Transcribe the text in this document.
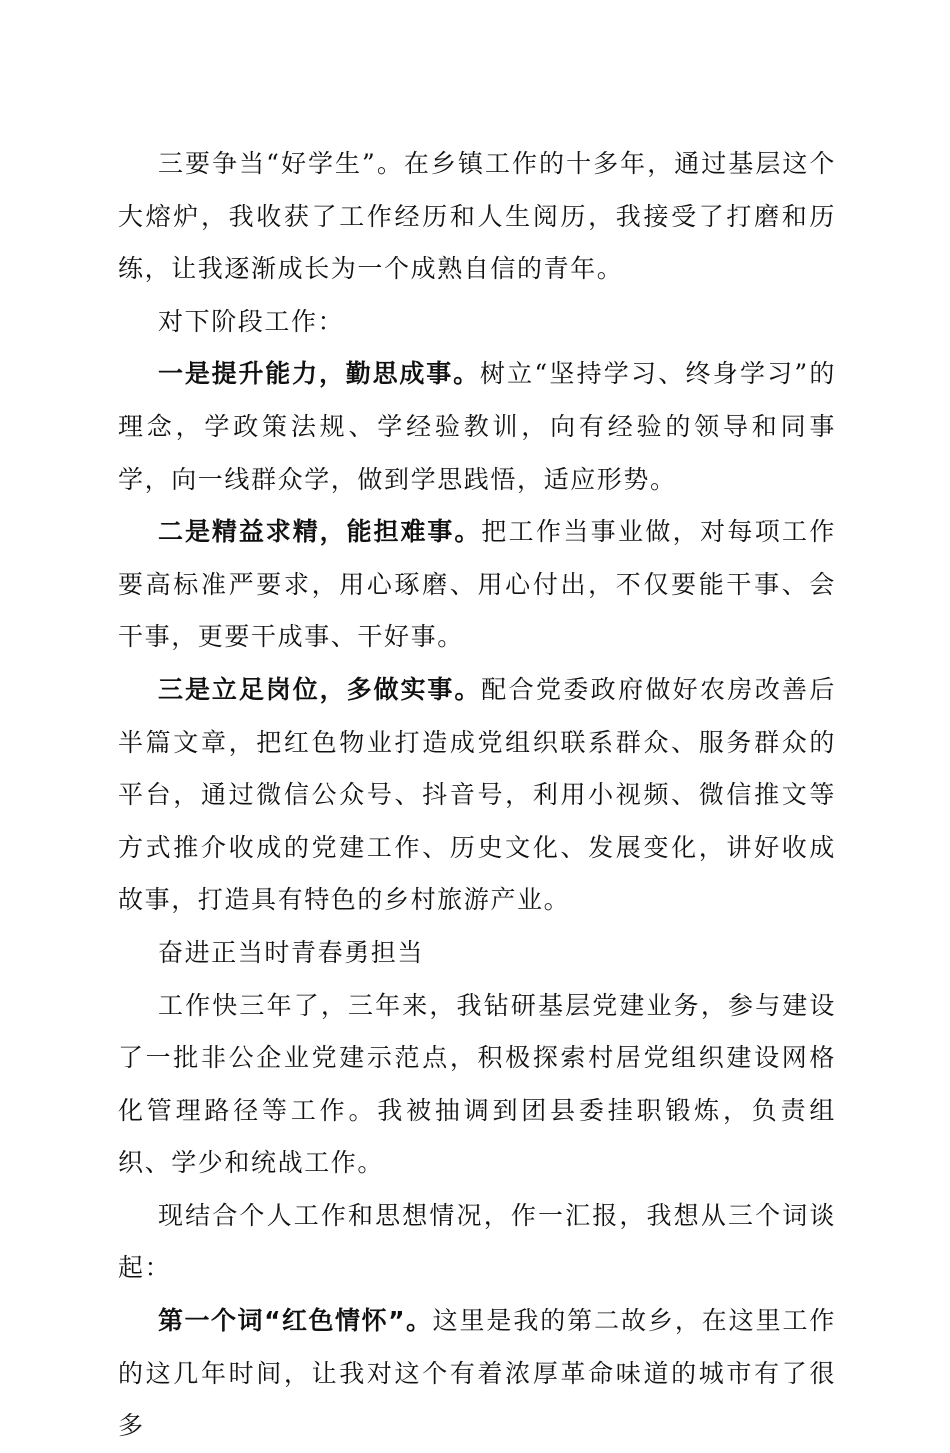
三要争当“好学生”。在乡镇工作的十多年，通过基层这个大熔炉，我收获了工作经历和人生阅历，我接受了打磨和历练，让我逐渐成长为一个成熟自信的青年。

对下阶段工作：

一是提升能力，勤思成事。树立“坚持学习、终身学习”的理念，学政策法规、学经验教训，向有经验的领导和同事学，向一线群众学，做到学思践悟，适应形势。

二是精益求精，能担难事。把工作当事业做，对每项工作要高标准严要求，用心琢磨、用心付出，不仅要能干事、会干事，更要干成事、干好事。

三是立足岗位，多做实事。配合党委政府做好农房改善后半篇文章，把红色物业打造成党组织联系群众、服务群众的平台，通过微信公众号、抖音号，利用小视频、微信推文等方式推介收成的党建工作、历史文化、发展变化，讲好收成故事，打造具有特色的乡村旅游产业。

奋进正当时青春勇担当

工作快三年了，三年来，我钻研基层党建业务，参与建设了一批非公企业党建示范点，积极探索村居党组织建设网格化管理路径等工作。我被抽调到团县委挂职锻炼，负责组织、学少和统战工作。

现结合个人工作和思想情况，作一汇报，我想从三个词谈起：

第一个词“红色情怀”。这里是我的第二故乡，在这里工作的这几年时间，让我对这个有着浓厚革命味道的城市有了很多
